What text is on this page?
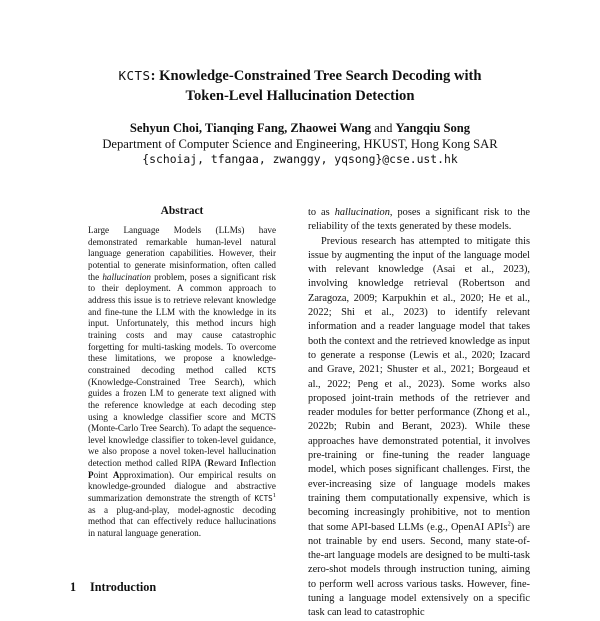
KCTS: Knowledge-Constrained Tree Search Decoding with
Token-Level Hallucination Detection
Sehyun Choi, Tianqing Fang, Zhaowei Wang and Yangqiu Song
Department of Computer Science and Engineering, HKUST, Hong Kong SAR
{schoiaj, tfangaa, zwanggy, yqsong}@cse.ust.hk
Abstract
Large Language Models (LLMs) have demonstrated remarkable human-level natural language generation capabilities. However, their potential to generate misinformation, often called the hallucination problem, poses a significant risk to their deployment. A common approach to address this issue is to retrieve relevant knowledge and fine-tune the LLM with the knowledge in its input. Unfortunately, this method incurs high training costs and may cause catastrophic forgetting for multi-tasking models. To overcome these limitations, we propose a knowledge-constrained decoding method called KCTS (Knowledge-Constrained Tree Search), which guides a frozen LM to generate text aligned with the reference knowledge at each decoding step using a knowledge classifier score and MCTS (Monte-Carlo Tree Search). To adapt the sequence-level knowledge classifier to token-level guidance, we also propose a novel token-level hallucination detection method called RIPA (Reward Inflection Point Approximation). Our empirical results on knowledge-grounded dialogue and abstractive summarization demonstrate the strength of KCTS$^1$ as a plug-and-play, model-agnostic decoding method that can effectively reduce hallucinations in natural language generation.
1 Introduction

to as hallucination, poses a significant risk to the reliability of the texts generated by these models.

Previous research has attempted to mitigate this issue by augmenting the input of the language model with relevant knowledge (Asai et al., 2023), involving knowledge retrieval (Robertson and Zaragoza, 2009; Karpukhin et al., 2020; He et al., 2022; Shi et al., 2023) to identify relevant information and a reader language model that takes both the context and the retrieved knowledge as input to generate a response (Lewis et al., 2020; Izacard and Grave, 2021; Shuster et al., 2021; Borgeaud et al., 2022; Peng et al., 2023). Some works also proposed joint-train methods of the retriever and reader modules for better performance (Zhong et al., 2022b; Rubin and Berant, 2023). While these approaches have demonstrated potential, it involves pre-training or fine-tuning the reader language model, which poses significant challenges. First, the ever-increasing size of language models makes training them computationally expensive, which is becoming increasingly prohibitive, not to mention that some API-based LLMs (e.g., OpenAI APIs$^2$) are not trainable by end users. Second, many state-of-the-art language models are designed to be multi-task zero-shot models through instruction tuning, aiming to perform well across various tasks. However, fine-tuning a language model extensively on a specific task can lead to catastrophic
